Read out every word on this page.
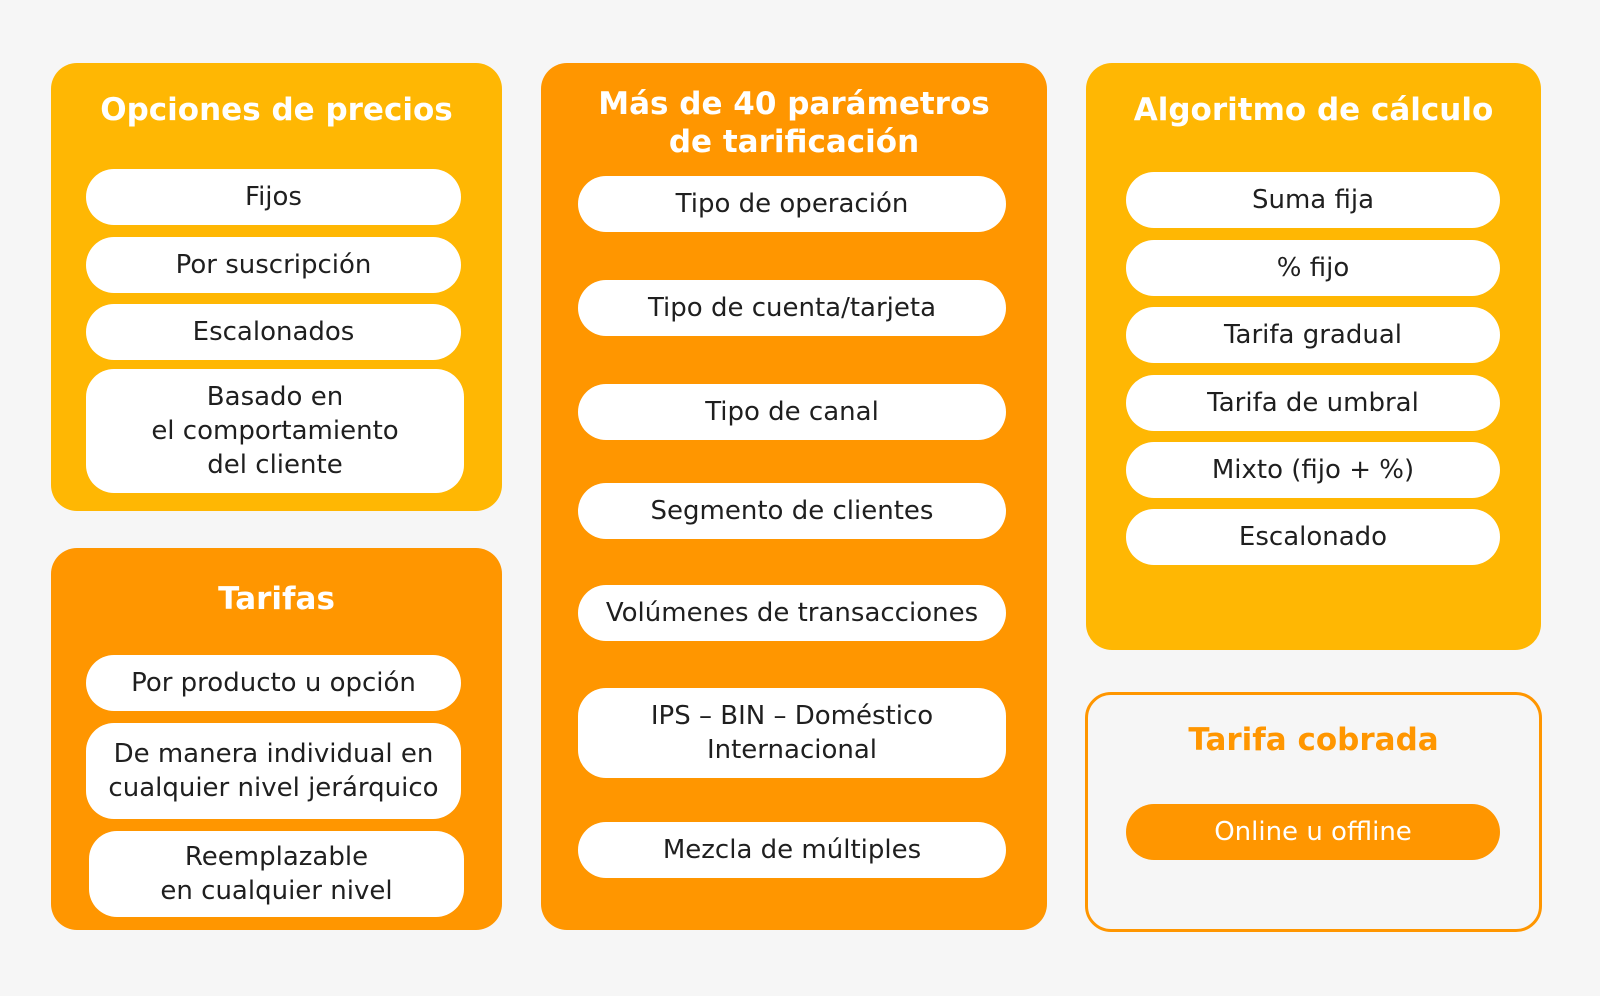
Opciones de precios
Fijos
Por suscripción
Escalonados
Basado en
el comportamiento
del cliente
Tarifas
Por producto u opción
De manera individual en
cualquier nivel jerárquico
Reemplazable
en cualquier nivel
Más de 40 parámetros
de tarificación
Tipo de operación
Tipo de cuenta/tarjeta
Tipo de canal
Segmento de clientes
Volúmenes de transacciones
IPS – BIN – Doméstico
Internacional
Mezcla de múltiples
Algoritmo de cálculo
Suma fija
% fijo
Tarifa gradual
Tarifa de umbral
Mixto (fijo + %)
Escalonado
Tarifa cobrada
Online u offline
